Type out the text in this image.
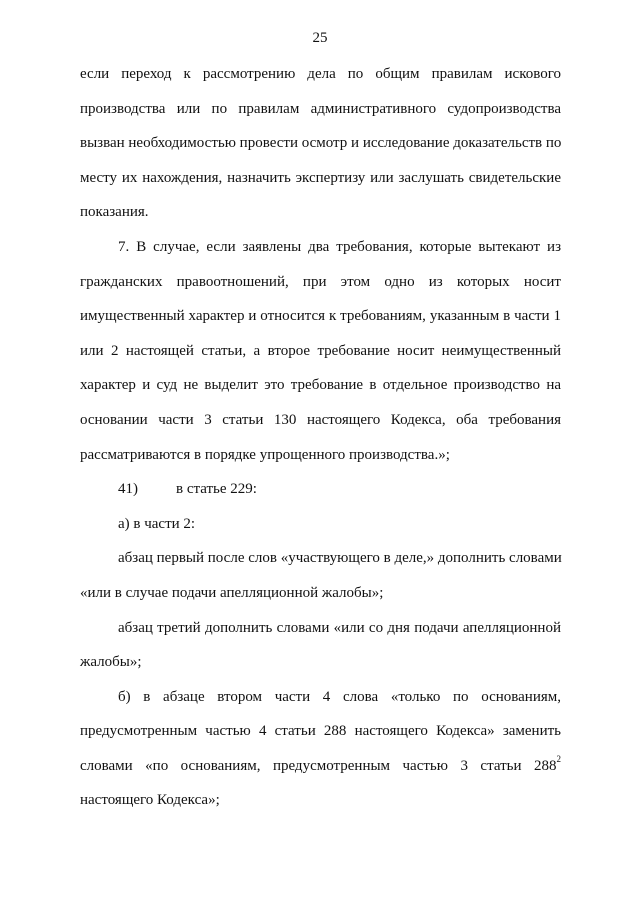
25
если переход к рассмотрению дела по общим правилам искового
производства или по правилам административного судопроизводства
вызван необходимостью провести осмотр и исследование доказательств по
месту их нахождения, назначить экспертизу или заслушать свидетельские
показания.
7. В случае, если заявлены два требования, которые вытекают из
гражданских правоотношений, при этом одно из которых носит
имущественный характер и относится к требованиям, указанным в части 1
или 2 настоящей статьи, а второе требование носит неимущественный
характер и суд не выделит это требование в отдельное производство на
основании части 3 статьи 130 настоящего Кодекса, оба требования
рассматриваются в порядке упрощенного производства.»;
41)	в статье 229:
а) в части 2:
абзац первый после слов «участвующего в деле,» дополнить словами
«или в случае подачи апелляционной жалобы»;
абзац третий дополнить словами «или со дня подачи апелляционной
жалобы»;
б) в абзаце втором части 4 слова «только по основаниям,
предусмотренным частью 4 статьи 288 настоящего Кодекса» заменить
словами «по основаниям, предусмотренным частью 3 статьи $288^2$
настоящего Кодекса»;
